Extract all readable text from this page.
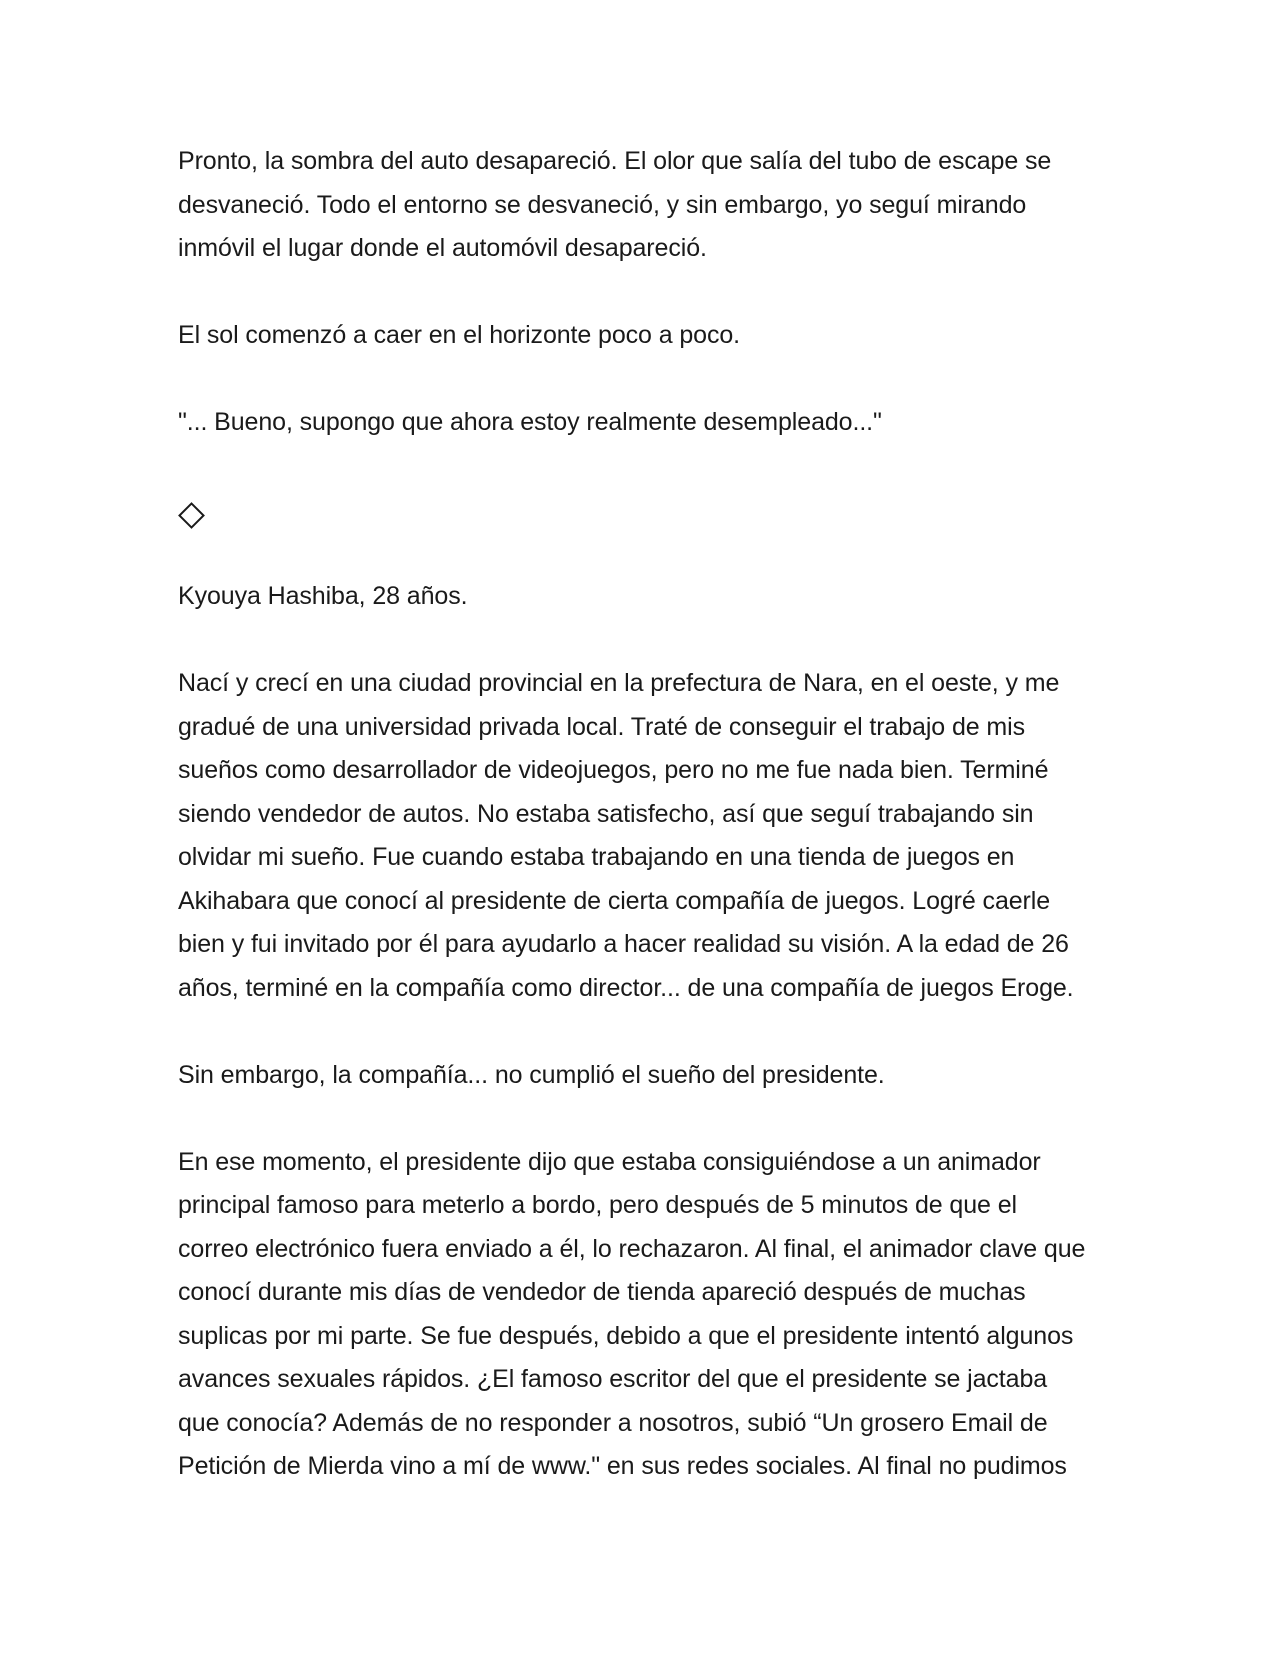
Pronto, la sombra del auto desapareció. El olor que salía del tubo de escape se
desvaneció. Todo el entorno se desvaneció, y sin embargo, yo seguí mirando
inmóvil el lugar donde el automóvil desapareció.
El sol comenzó a caer en el horizonte poco a poco.
"... Bueno, supongo que ahora estoy realmente desempleado..."
Kyouya Hashiba, 28 años.
Nací y crecí en una ciudad provincial en la prefectura de Nara, en el oeste, y me
gradué de una universidad privada local. Traté de conseguir el trabajo de mis
sueños como desarrollador de videojuegos, pero no me fue nada bien. Terminé
siendo vendedor de autos. No estaba satisfecho, así que seguí trabajando sin
olvidar mi sueño. Fue cuando estaba trabajando en una tienda de juegos en
Akihabara que conocí al presidente de cierta compañía de juegos. Logré caerle
bien y fui invitado por él para ayudarlo a hacer realidad su visión. A la edad de 26
años, terminé en la compañía como director... de una compañía de juegos Eroge.
Sin embargo, la compañía... no cumplió el sueño del presidente.
En ese momento, el presidente dijo que estaba consiguiéndose a un animador
principal famoso para meterlo a bordo, pero después de 5 minutos de que el
correo electrónico fuera enviado a él, lo rechazaron. Al final, el animador clave que
conocí durante mis días de vendedor de tienda apareció después de muchas
suplicas por mi parte. Se fue después, debido a que el presidente intentó algunos
avances sexuales rápidos. ¿El famoso escritor del que el presidente se jactaba
que conocía? Además de no responder a nosotros, subió “Un grosero Email de
Petición de Mierda vino a mí de www." en sus redes sociales. Al final no pudimos
